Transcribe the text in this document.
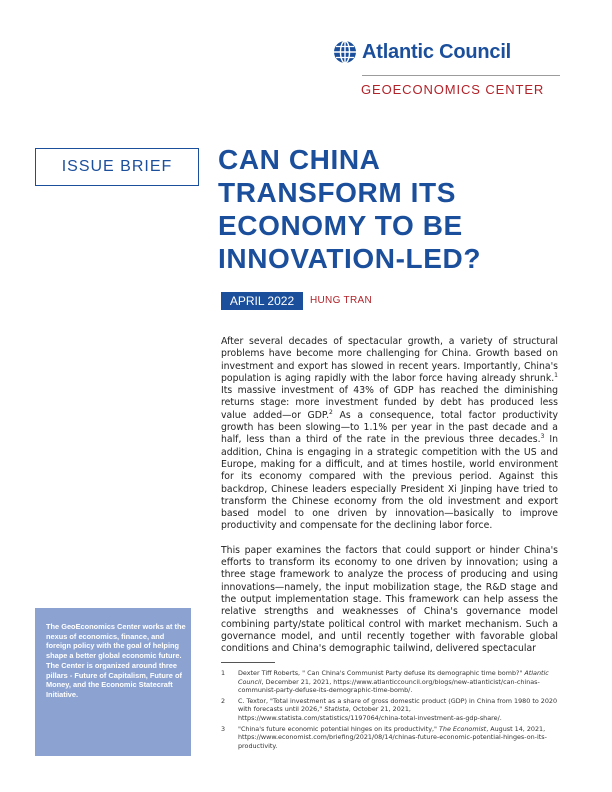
Atlantic Council
GEOECONOMICS CENTER
ISSUE BRIEF	CAN CHINA
TRANSFORM ITS
ECONOMY TO BE
INNOVATION-LED?
APRIL 2022	HUNG TRAN

After several decades of spectacular growth, a variety of structural problems have become more challenging for China. Growth based on investment and export has slowed in recent years. Importantly, China's population is aging rapidly with the labor force having already shrunk.$^1$ Its massive investment of 43% of GDP has reached the diminishing returns stage: more investment funded by debt has produced less value added—or GDP.$^2$ As a consequence, total factor productivity growth has been slowing—to 1.1% per year in the past decade and a half, less than a third of the rate in the previous three decades.$^3$ In addition, China is engaging in a strategic competition with the US and Europe, making for a difficult, and at times hostile, world environment for its economy compared with the previous period. Against this backdrop, Chinese leaders especially President Xi Jinping have tried to transform the Chinese economy from the old investment and export based model to one driven by innovation—basically to improve productivity and compensate for the declining labor force.

This paper examines the factors that could support or hinder China's efforts to transform its economy to one driven by innovation; using a three stage framework to analyze the process of producing and using innovations—namely, the input mobilization stage, the R&D stage and the output implementation stage. This framework can help assess the relative strengths and weaknesses of China's governance model combining party/state political control with market mechanism. Such a governance model, and until recently together with favorable global conditions and China's demographic tailwind, delivered spectacular

The GeoEconomics Center works at the nexus of economics, finance, and foreign policy with the goal of helping shape a better global economic future. The Center is organized around three pillars - Future of Capitalism, Future of Money, and the Economic Statecraft Initiative.
1 Dexter Tiff Roberts, " Can China's Communist Party defuse its demographic time bomb?" Atlantic Council, December 21, 2021, https://www.atlanticcouncil.org/blogs/new-atlanticist/can-chinas-communist-party-defuse-its-demographic-time-bomb/.
2 C. Textor, "Total investment as a share of gross domestic product (GDP) in China from 1980 to 2020 with forecasts until 2026," Statista, October 21, 2021, https://www.statista.com/statistics/1197064/china-total-investment-as-gdp-share/.
3 "China's future economic potential hinges on its productivity," The Economist, August 14, 2021, https://www.economist.com/briefing/2021/08/14/chinas-future-economic-potential-hinges-on-its-productivity.
